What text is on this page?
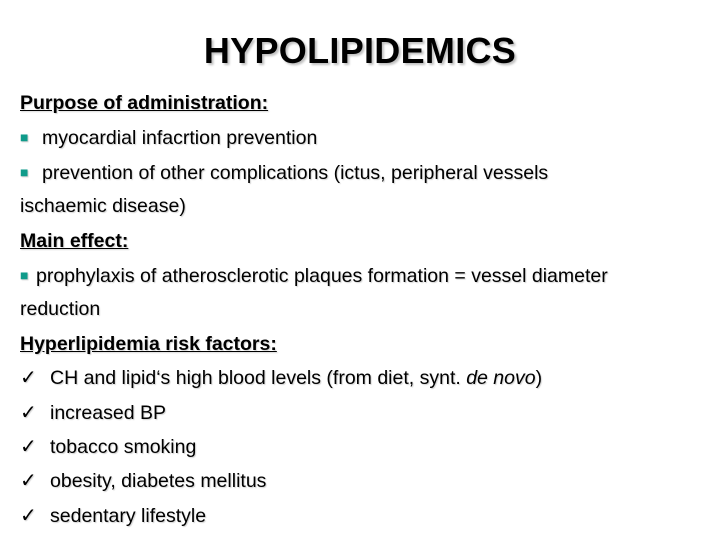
HYPOLIPIDEMICS
Purpose of administration:
■ myocardial infacrtion prevention
■ prevention of other complications (ictus, peripheral vessels
ischaemic disease)
Main effect:
■ prophylaxis of atherosclerotic plaques formation = vessel diameter
reduction
Hyperlipidemia risk factors:
✓ CH and lipid‘s high blood levels (from diet, synt. de novo)
✓ increased BP
✓ tobacco smoking
✓ obesity, diabetes mellitus
✓ sedentary lifestyle
